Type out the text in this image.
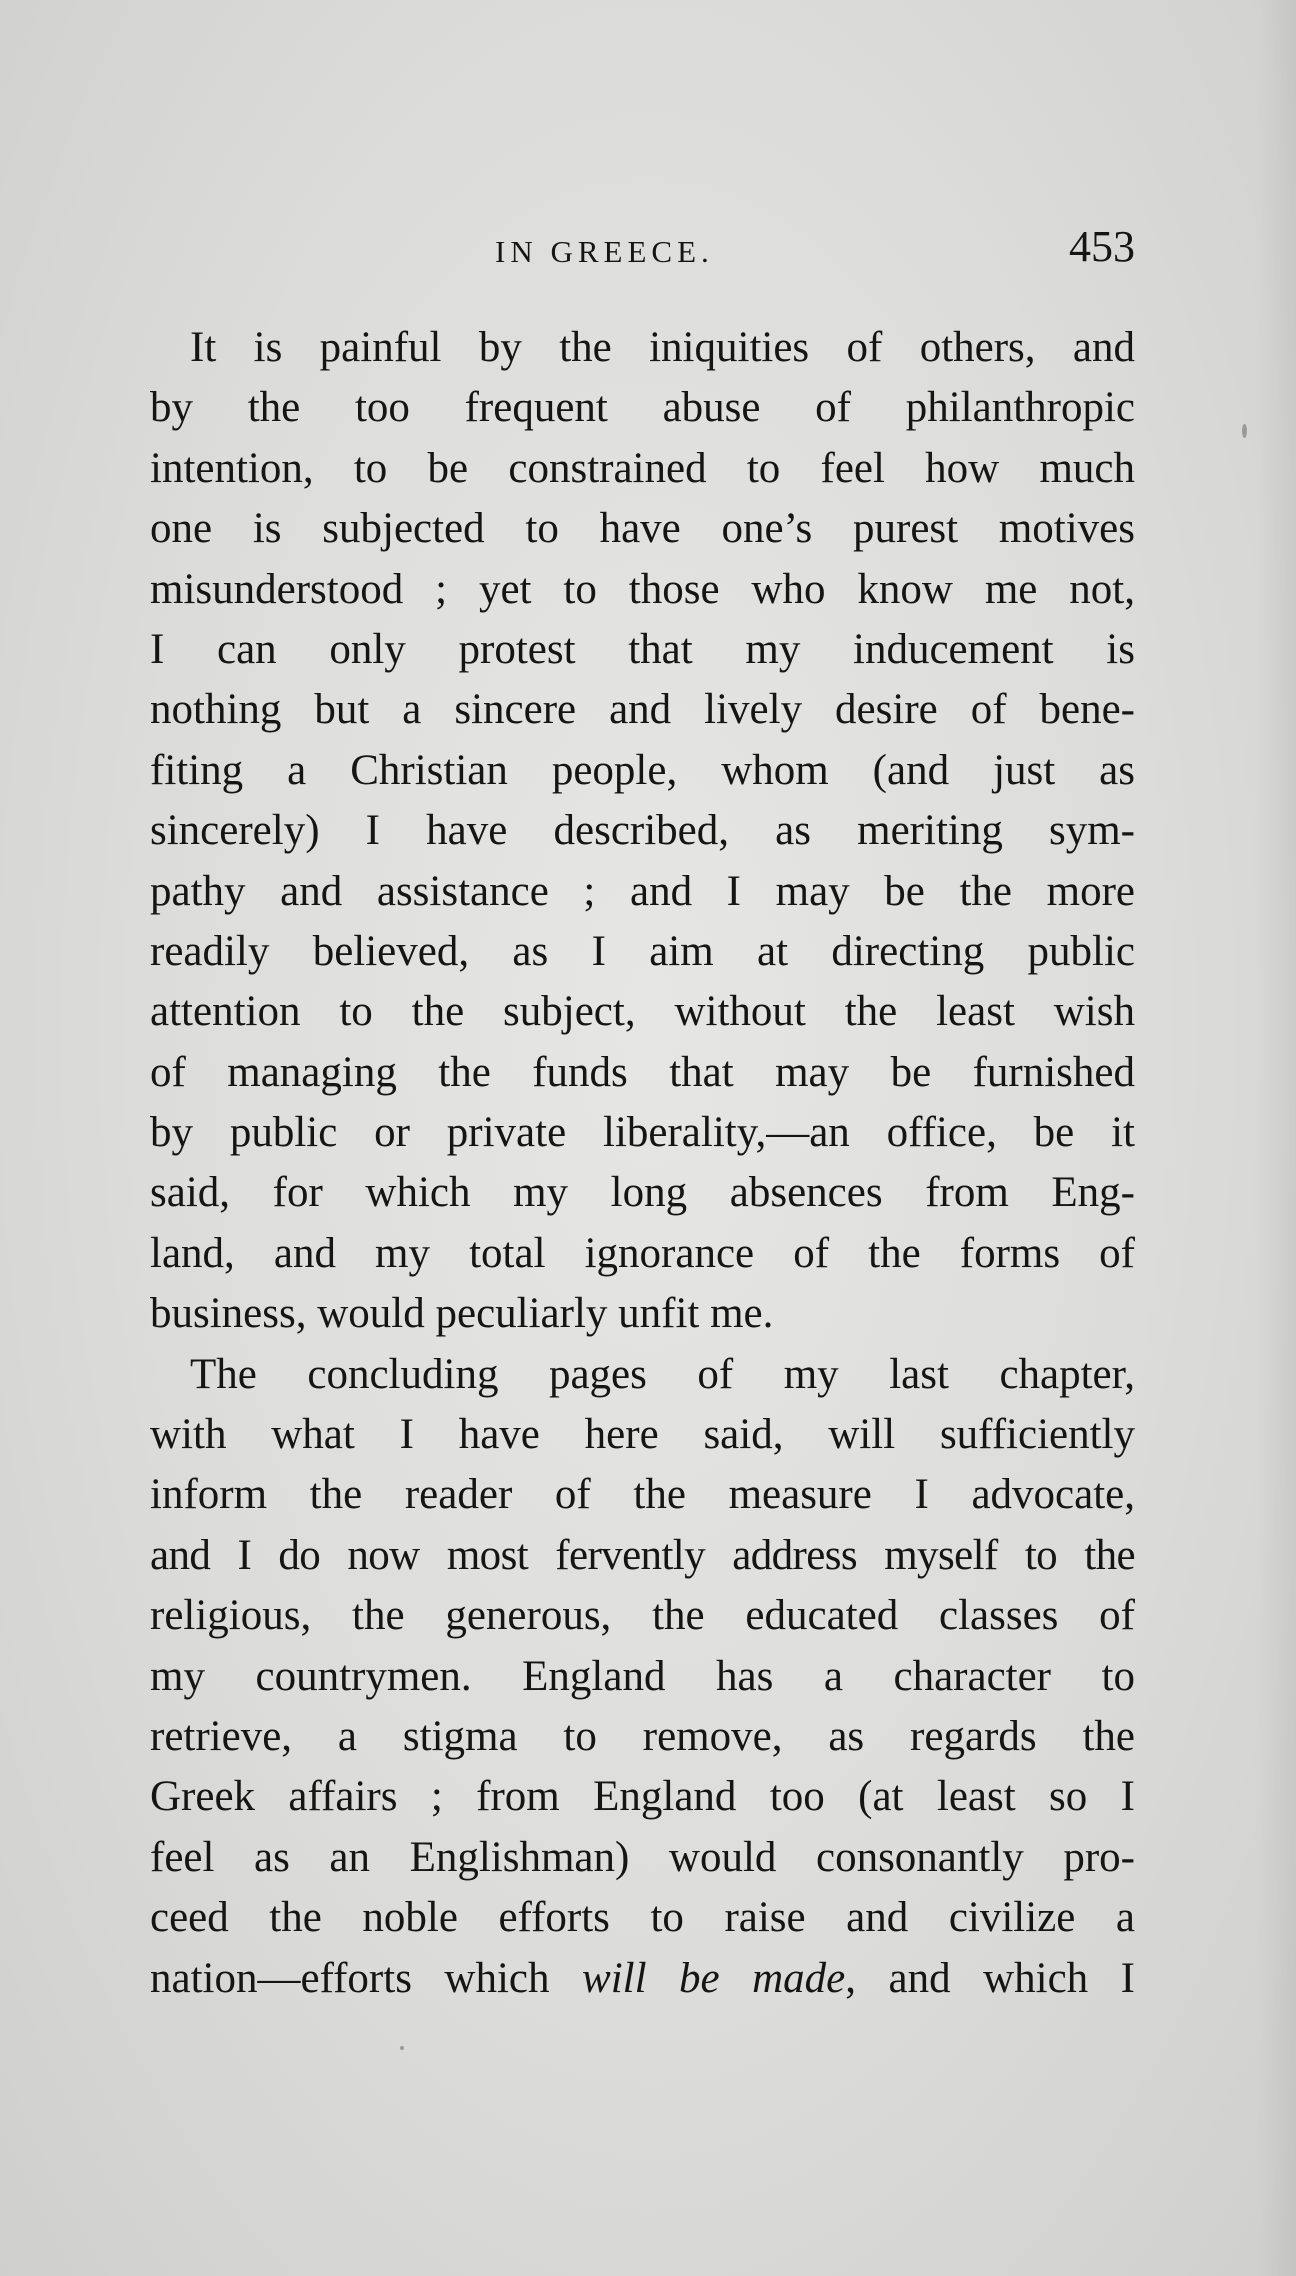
IN GREECE.	453
It is painful by the iniquities of others, and
by the too frequent abuse of philanthropic
intention, to be constrained to feel how much
one is subjected to have one’s purest motives
misunderstood ; yet to those who know me not,
I can only protest that my inducement is
nothing but a sincere and lively desire of bene-
fiting a Christian people, whom (and just as
sincerely) I have described, as meriting sym-
pathy and assistance ; and I may be the more
readily believed, as I aim at directing public
attention to the subject, without the least wish
of managing the funds that may be furnished
by public or private liberality,—an office, be it
said, for which my long absences from Eng-
land, and my total ignorance of the forms of
business, would peculiarly unfit me.
The concluding pages of my last chapter,
with what I have here said, will sufficiently
inform the reader of the measure I advocate,
and I do now most fervently address myself to the
religious, the generous, the educated classes of
my countrymen. England has a character to
retrieve, a stigma to remove, as regards the
Greek affairs ; from England too (at least so I
feel as an Englishman) would consonantly pro-
ceed the noble efforts to raise and civilize a
nation—efforts which will be made, and which I
